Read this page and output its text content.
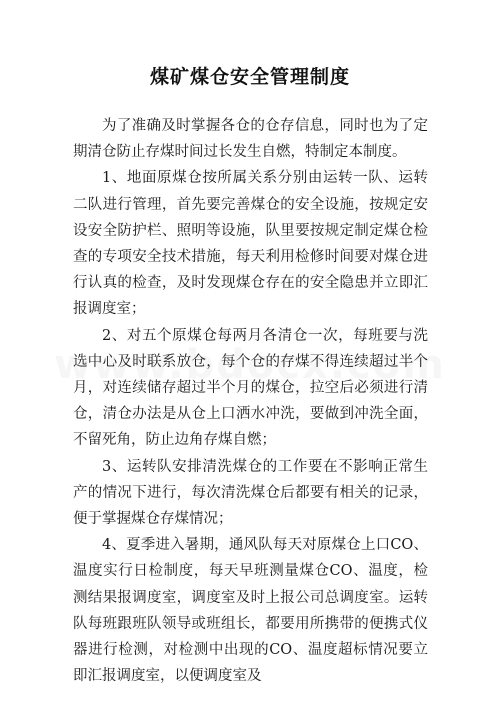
煤矿煤仓安全管理制度

为了准确及时掌握各仓的仓存信息，同时也为了定期清仓防止存煤时间过长发生自燃，特制定本制度。

1、地面原煤仓按所属关系分别由运转一队、运转二队进行管理，首先要完善煤仓的安全设施，按规定安设安全防护栏、照明等设施，队里要按规定制定煤仓检查的专项安全技术措施，每天利用检修时间要对煤仓进行认真的检查，及时发现煤仓存在的安全隐患并立即汇报调度室；

2、对五个原煤仓每两月各清仓一次，每班要与洗选中心及时联系放仓，每个仓的存煤不得连续超过半个月，对连续储存超过半个月的煤仓，拉空后必须进行清仓，清仓办法是从仓上口洒水冲洗，要做到冲洗全面，不留死角，防止边角存煤自燃；

3、运转队安排清洗煤仓的工作要在不影响正常生产的情况下进行，每次清洗煤仓后都要有相关的记录，便于掌握煤仓存煤情况；

4、夏季进入暑期，通风队每天对原煤仓上口CO、温度实行日检制度，每天早班测量煤仓CO、温度，检测结果报调度室，调度室及时上报公司总调度室。运转队每班跟班队领导或班组长，都要用所携带的便携式仪器进行检测，对检测中出现的CO、温度超标情况要立即汇报调度室，以便调度室及
